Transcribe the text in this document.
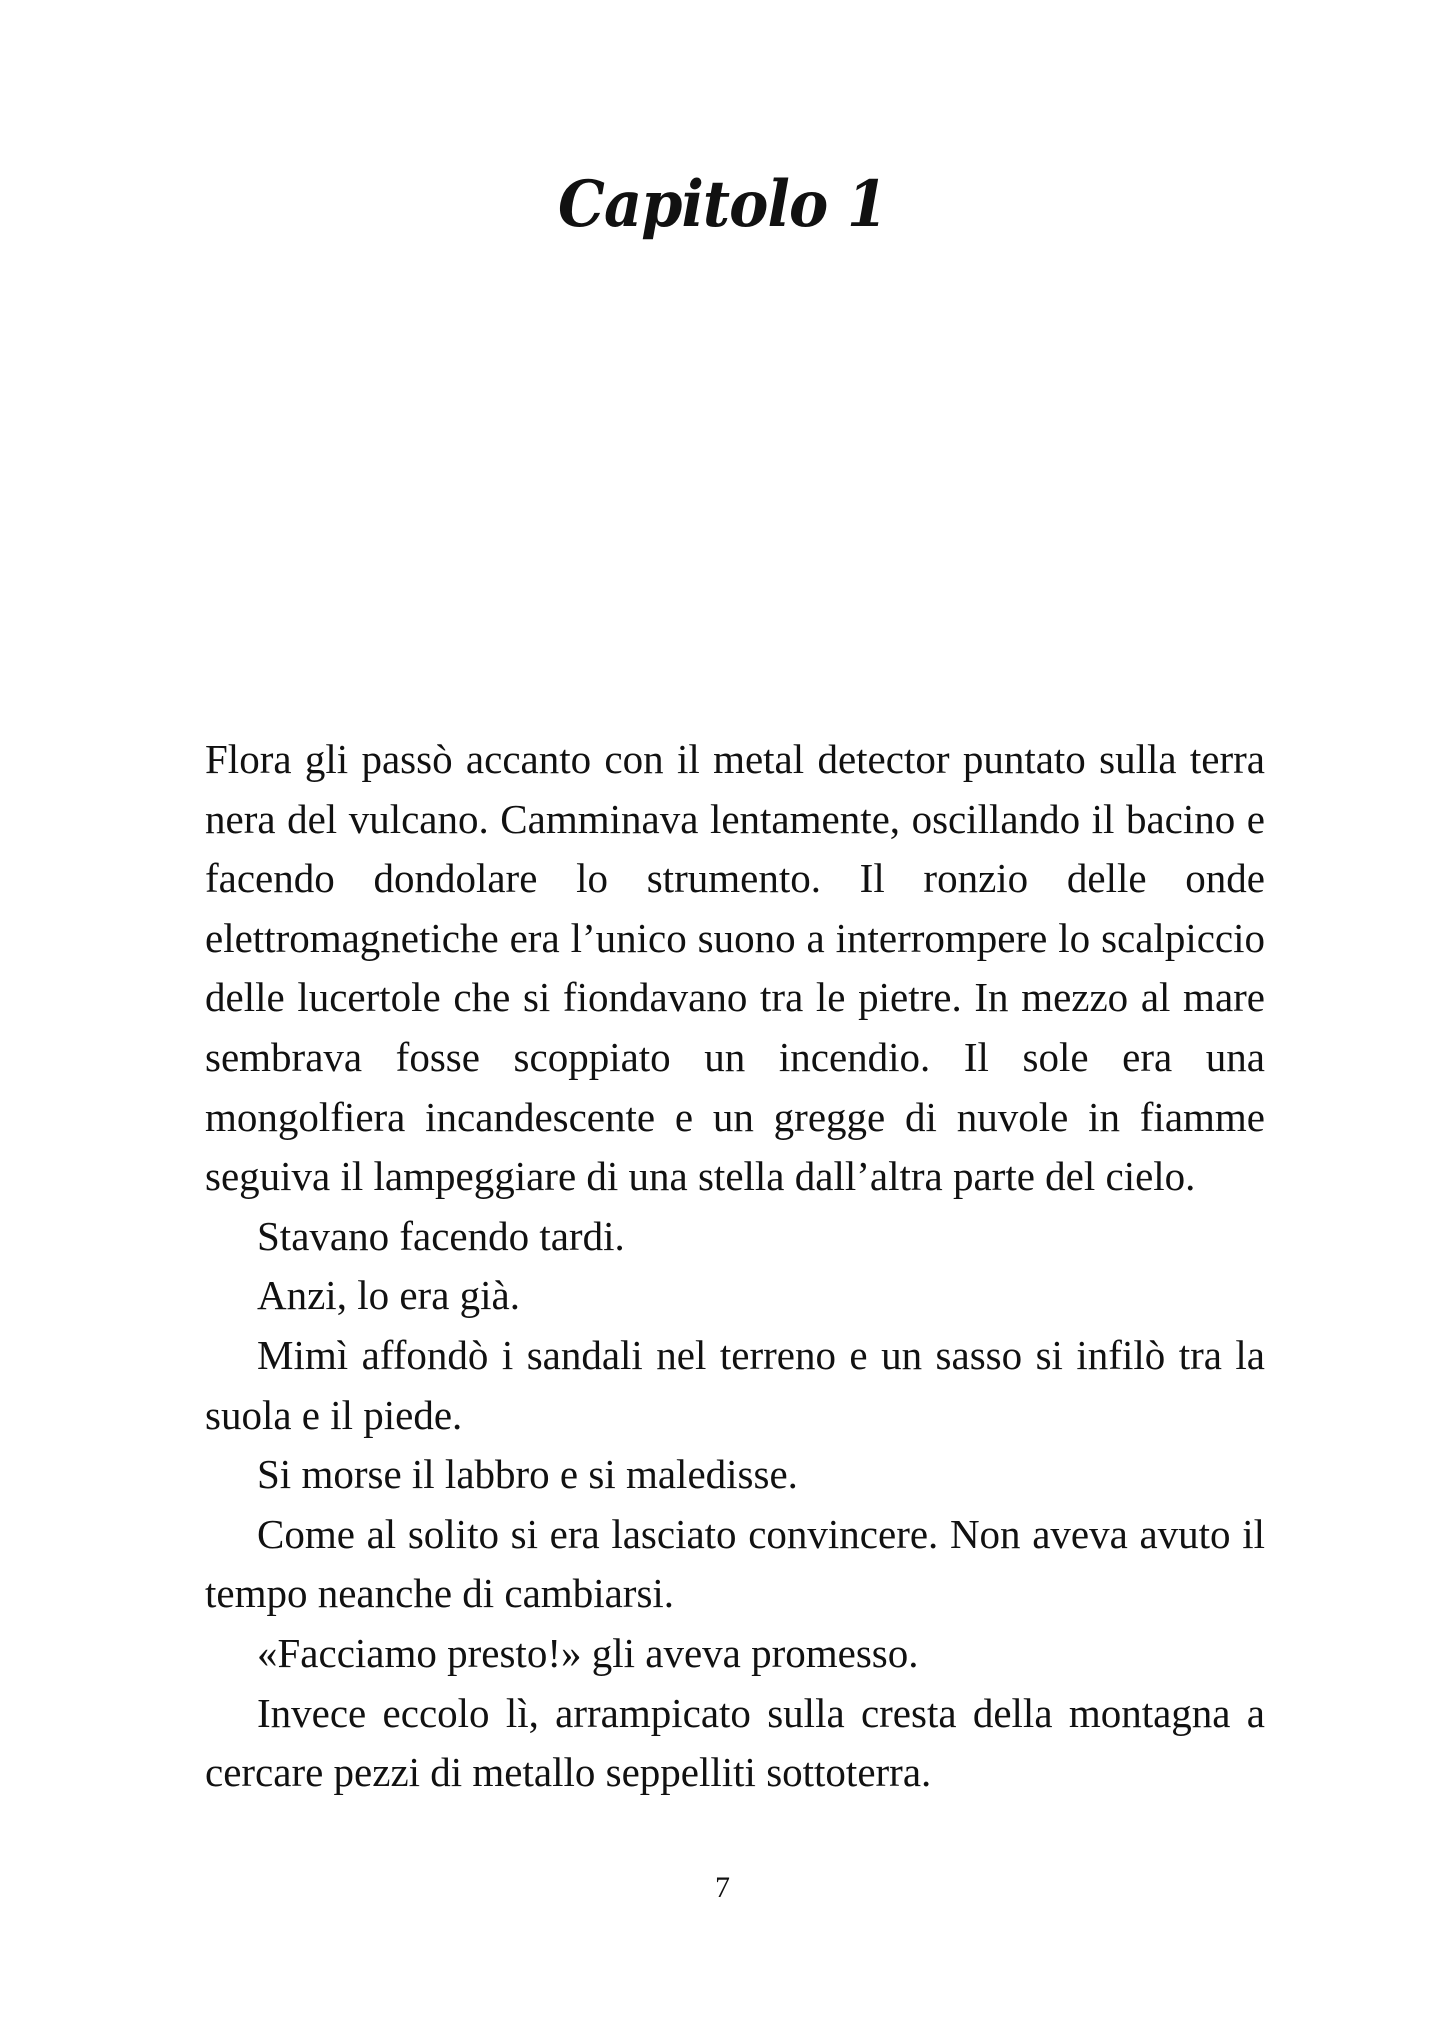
Capitolo 1

Flora gli passò accanto con il metal detector puntato sulla terra nera del vulcano. Camminava lentamente, oscillando il bacino e facendo dondolare lo strumento. Il ronzio delle onde elettromagnetiche era l’unico suono a interrompere lo scalpiccio delle lucertole che si fiondavano tra le pietre. In mezzo al mare sembrava fosse scoppiato un incendio. Il sole era una mongolfiera incandescente e un gregge di nuvole in fiamme seguiva il lampeggiare di una stella dall’altra parte del cielo.

Stavano facendo tardi.

Anzi, lo era già.

Mimì affondò i sandali nel terreno e un sasso si infilò tra la suola e il piede.

Si morse il labbro e si maledisse.

Come al solito si era lasciato convincere. Non aveva avuto il tempo neanche di cambiarsi.

«Facciamo presto!» gli aveva promesso.

Invece eccolo lì, arrampicato sulla cresta della montagna a cercare pezzi di metallo seppelliti sottoterra.

7
